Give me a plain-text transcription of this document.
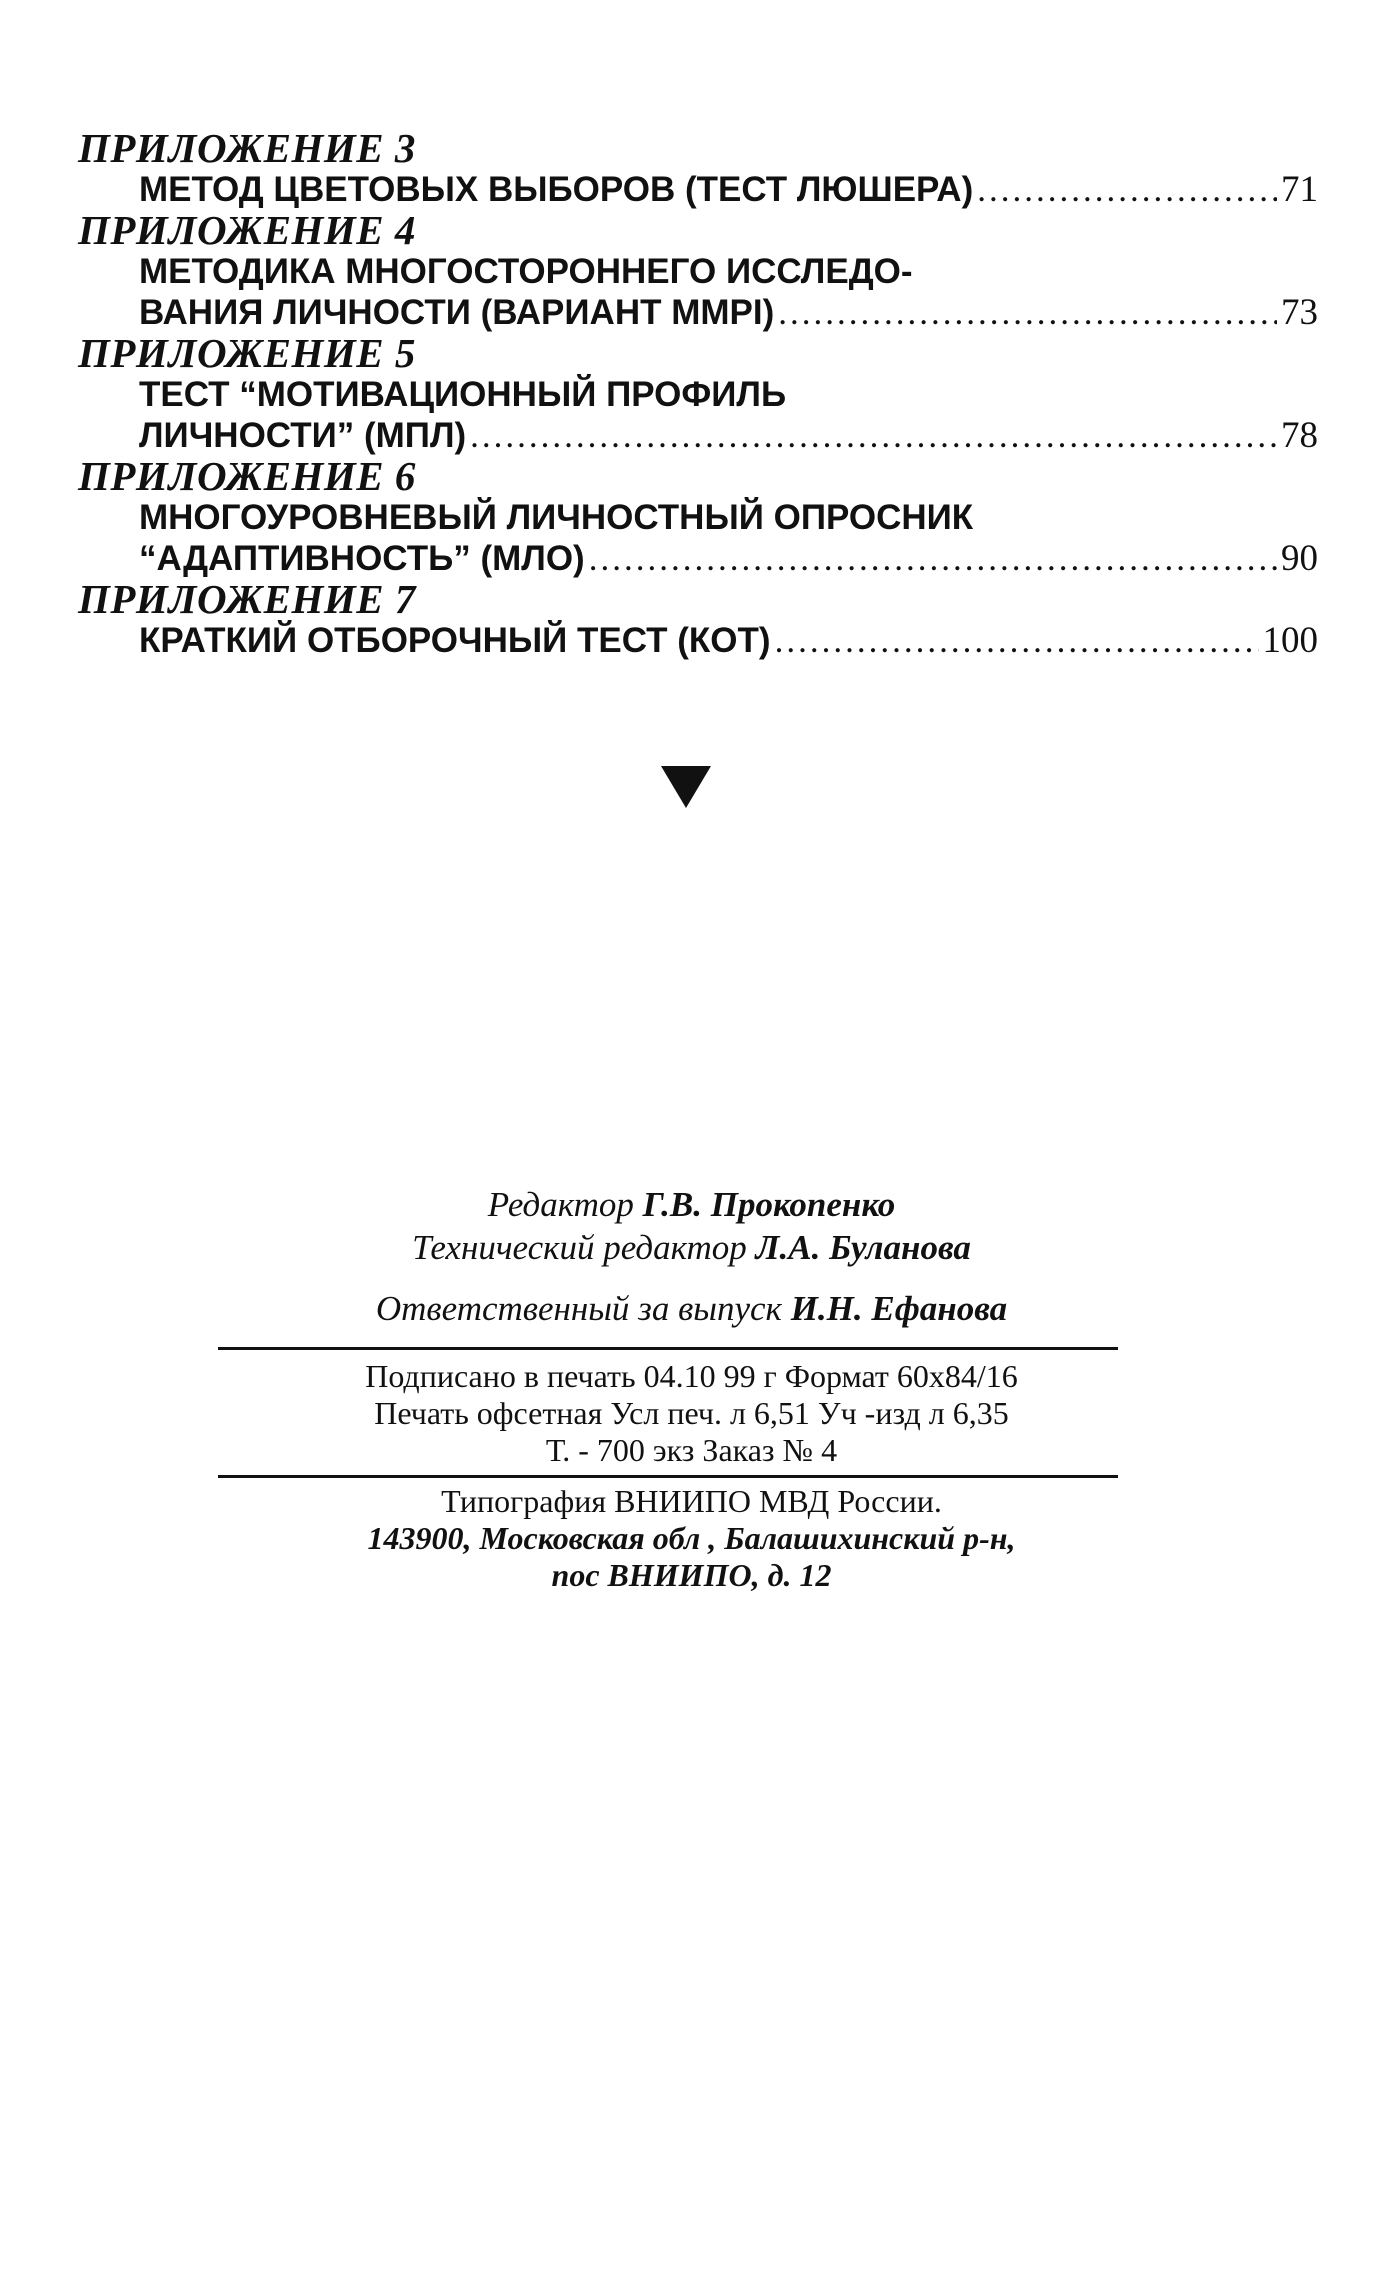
ПРИЛОЖЕНИЕ 3
МЕТОД ЦВЕТОВЫХ ВЫБОРОВ (ТЕСТ ЛЮШЕРА) .....	71
ПРИЛОЖЕНИЕ 4
МЕТОДИКА МНОГОСТОРОННЕГО ИССЛЕДО-
ВАНИЯ ЛИЧНОСТИ (ВАРИАНТ ММРI) .....	73
ПРИЛОЖЕНИЕ 5
ТЕСТ “МОТИВАЦИОННЫЙ ПРОФИЛЬ
ЛИЧНОСТИ” (МПЛ) .....	78
ПРИЛОЖЕНИЕ 6
МНОГОУРОВНЕВЫЙ ЛИЧНОСТНЫЙ ОПРОСНИК
“АДАПТИВНОСТЬ” (МЛО) .....	90
ПРИЛОЖЕНИЕ 7
КРАТКИЙ ОТБОРОЧНЫЙ ТЕСТ (КОТ) .....	100
Редактор Г.В. Прокопенко
Технический редактор Л.А. Буланова
Ответственный за выпуск И.Н. Ефанова
Подписано в печать 04.10 99 г Формат 60x84/16
Печать офсетная Усл печ. л 6,51 Уч -изд л 6,35
Т. - 700 экз Заказ № 4
Типография ВНИИПО МВД России.
143900, Московская обл , Балашихинский р-н,
пос ВНИИПО, д. 12
